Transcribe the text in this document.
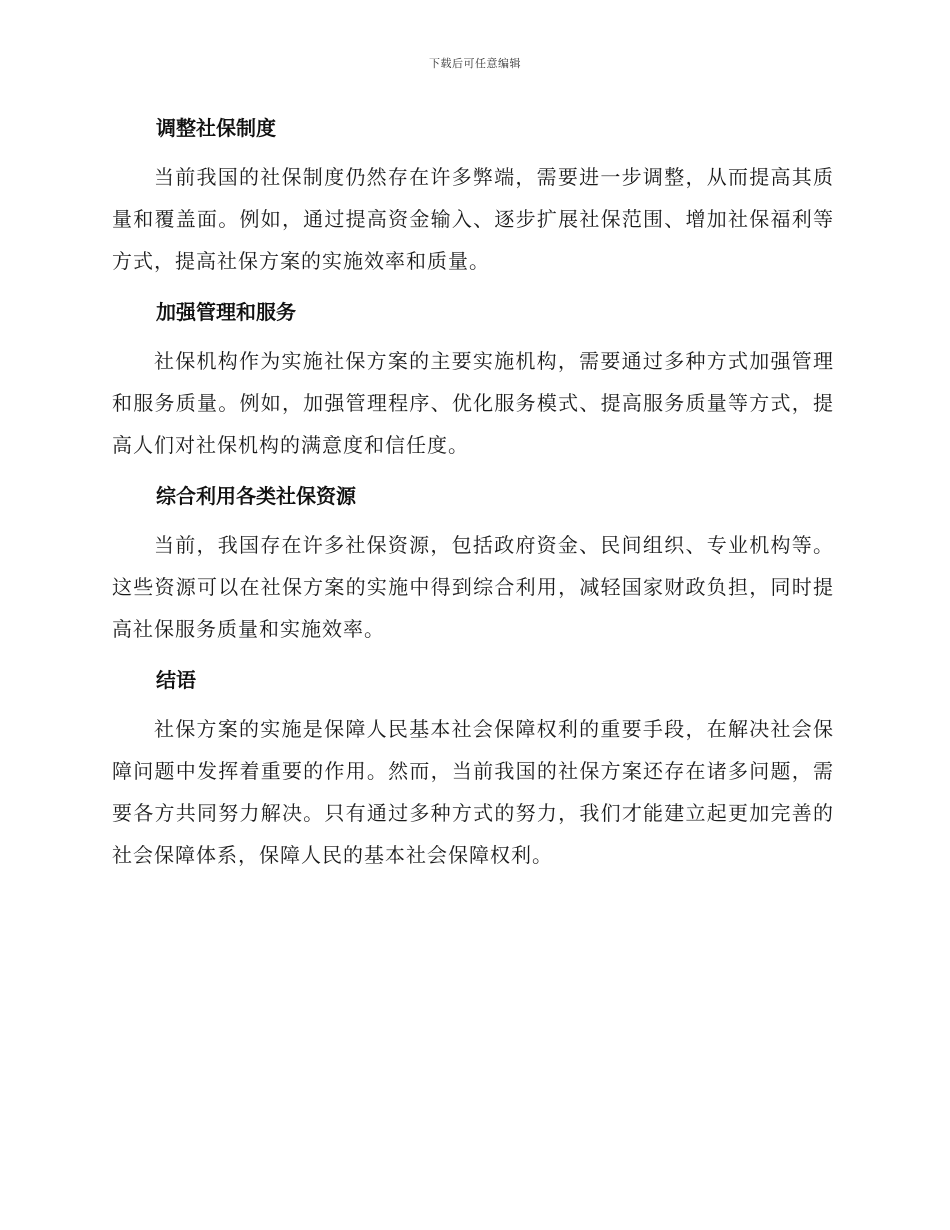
下载后可任意编辑
调整社保制度

当前我国的社保制度仍然存在许多弊端，需要进一步调整，从而提高其质量和覆盖面。例如，通过提高资金输入、逐步扩展社保范围、增加社保福利等方式，提高社保方案的实施效率和质量。

加强管理和服务

社保机构作为实施社保方案的主要实施机构，需要通过多种方式加强管理和服务质量。例如，加强管理程序、优化服务模式、提高服务质量等方式，提高人们对社保机构的满意度和信任度。

综合利用各类社保资源

当前，我国存在许多社保资源，包括政府资金、民间组织、专业机构等。这些资源可以在社保方案的实施中得到综合利用，减轻国家财政负担，同时提高社保服务质量和实施效率。

结语

社保方案的实施是保障人民基本社会保障权利的重要手段，在解决社会保障问题中发挥着重要的作用。然而，当前我国的社保方案还存在诸多问题，需要各方共同努力解决。只有通过多种方式的努力，我们才能建立起更加完善的社会保障体系，保障人民的基本社会保障权利。
